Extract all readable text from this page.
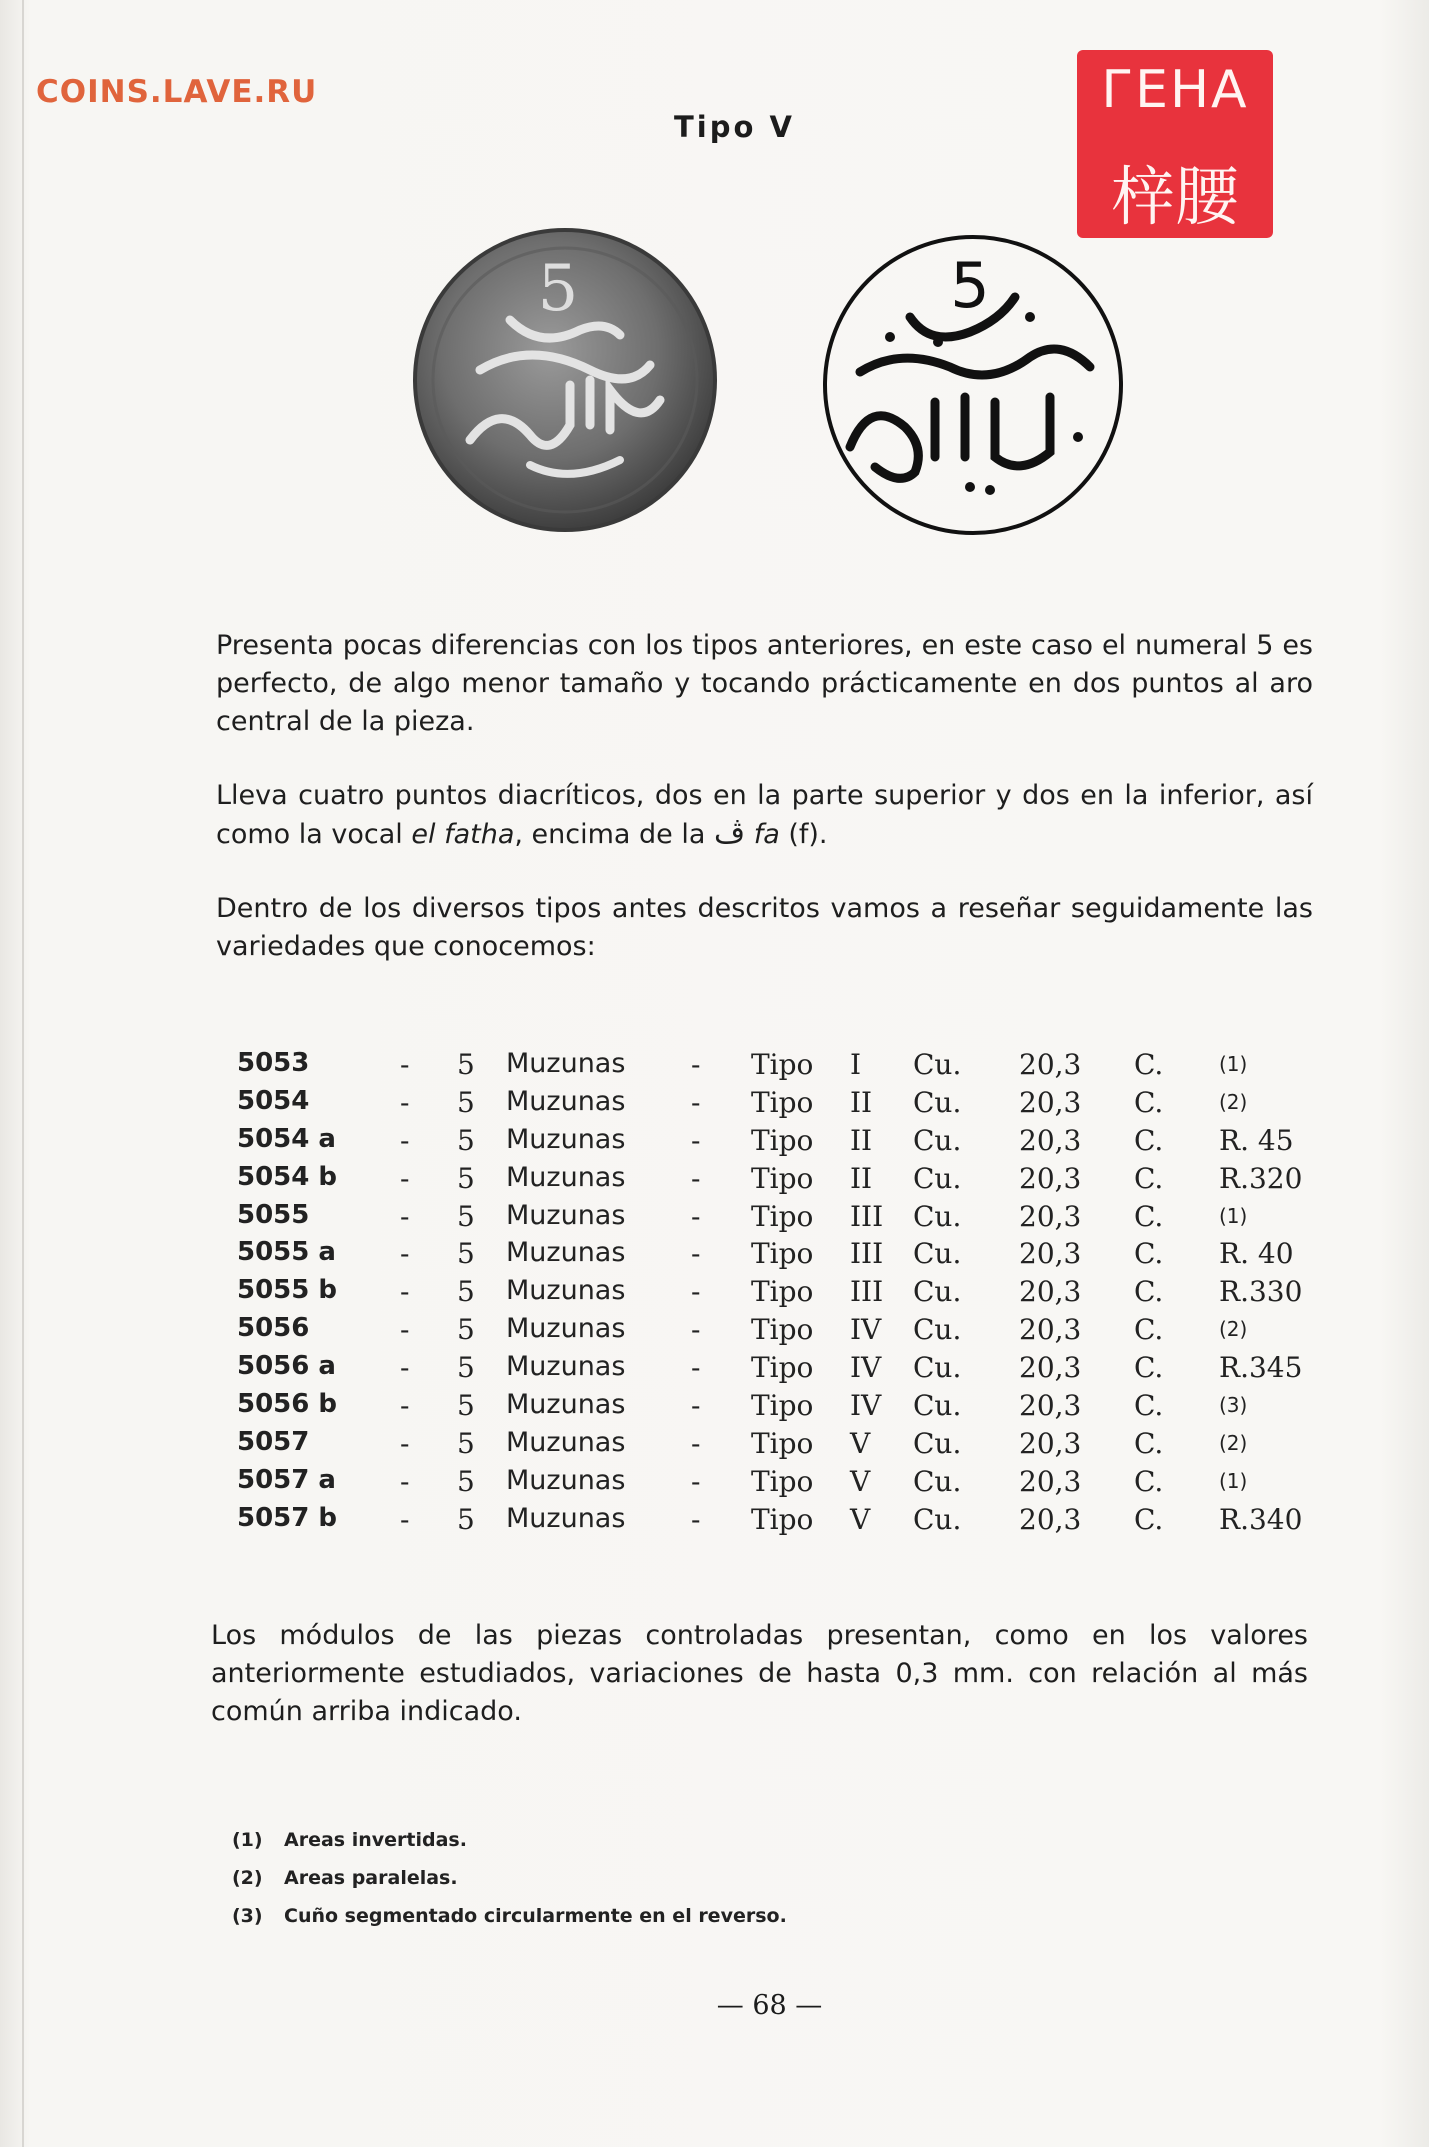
COINS.LAVE.RU	ГЕНА
梓腰
Tipo V
5	5
Presenta pocas diferencias con los tipos anteriores, en este caso el numeral 5 es perfecto, de algo menor tamaño y tocando prácticamente en dos puntos al aro central de la pieza.
Lleva cuatro puntos diacríticos, dos en la parte superior y dos en la inferior, así como la vocal el fatha, encima de la ڤ fa (f).
Dentro de los diversos tipos antes descritos vamos a reseñar seguidamente las variedades que conocemos:
5053	- 5 Muzunas - Tipo I	Cu. 20,3 C.	(1)
5054	- 5 Muzunas - Tipo II Cu. 20,3 C.	(2)
5054 a - 5 Muzunas - Tipo II Cu. 20,3 C. R. 45
5054 b - 5 Muzunas - Tipo II Cu. 20,3 C. R.320
5055	- 5 Muzunas - Tipo III Cu. 20,3 C.	(1)
5055 a - 5 Muzunas - Tipo III Cu. 20,3 C. R. 40
5055 b - 5 Muzunas - Tipo III Cu. 20,3 C. R.330
5056	- 5 Muzunas - Tipo IV Cu. 20,3 C.	(2)
5056 a - 5 Muzunas - Tipo IV Cu. 20,3 C. R.345
5056 b - 5 Muzunas - Tipo IV Cu. 20,3 C.	(3)
5057	- 5 Muzunas - Tipo V	Cu. 20,3 C.	(2)
5057 a - 5 Muzunas - Tipo V	Cu. 20,3 C.	(1)
5057 b - 5 Muzunas - Tipo V	Cu. 20,3 C. R.340
Los módulos de las piezas controladas presentan, como en los valores anteriormente estudiados, variaciones de hasta 0,3 mm. con relación al más común arriba indicado.
(1) Areas invertidas.
(2) Areas paralelas.
(3) Cuño segmentado circularmente en el reverso.
— 68 —
